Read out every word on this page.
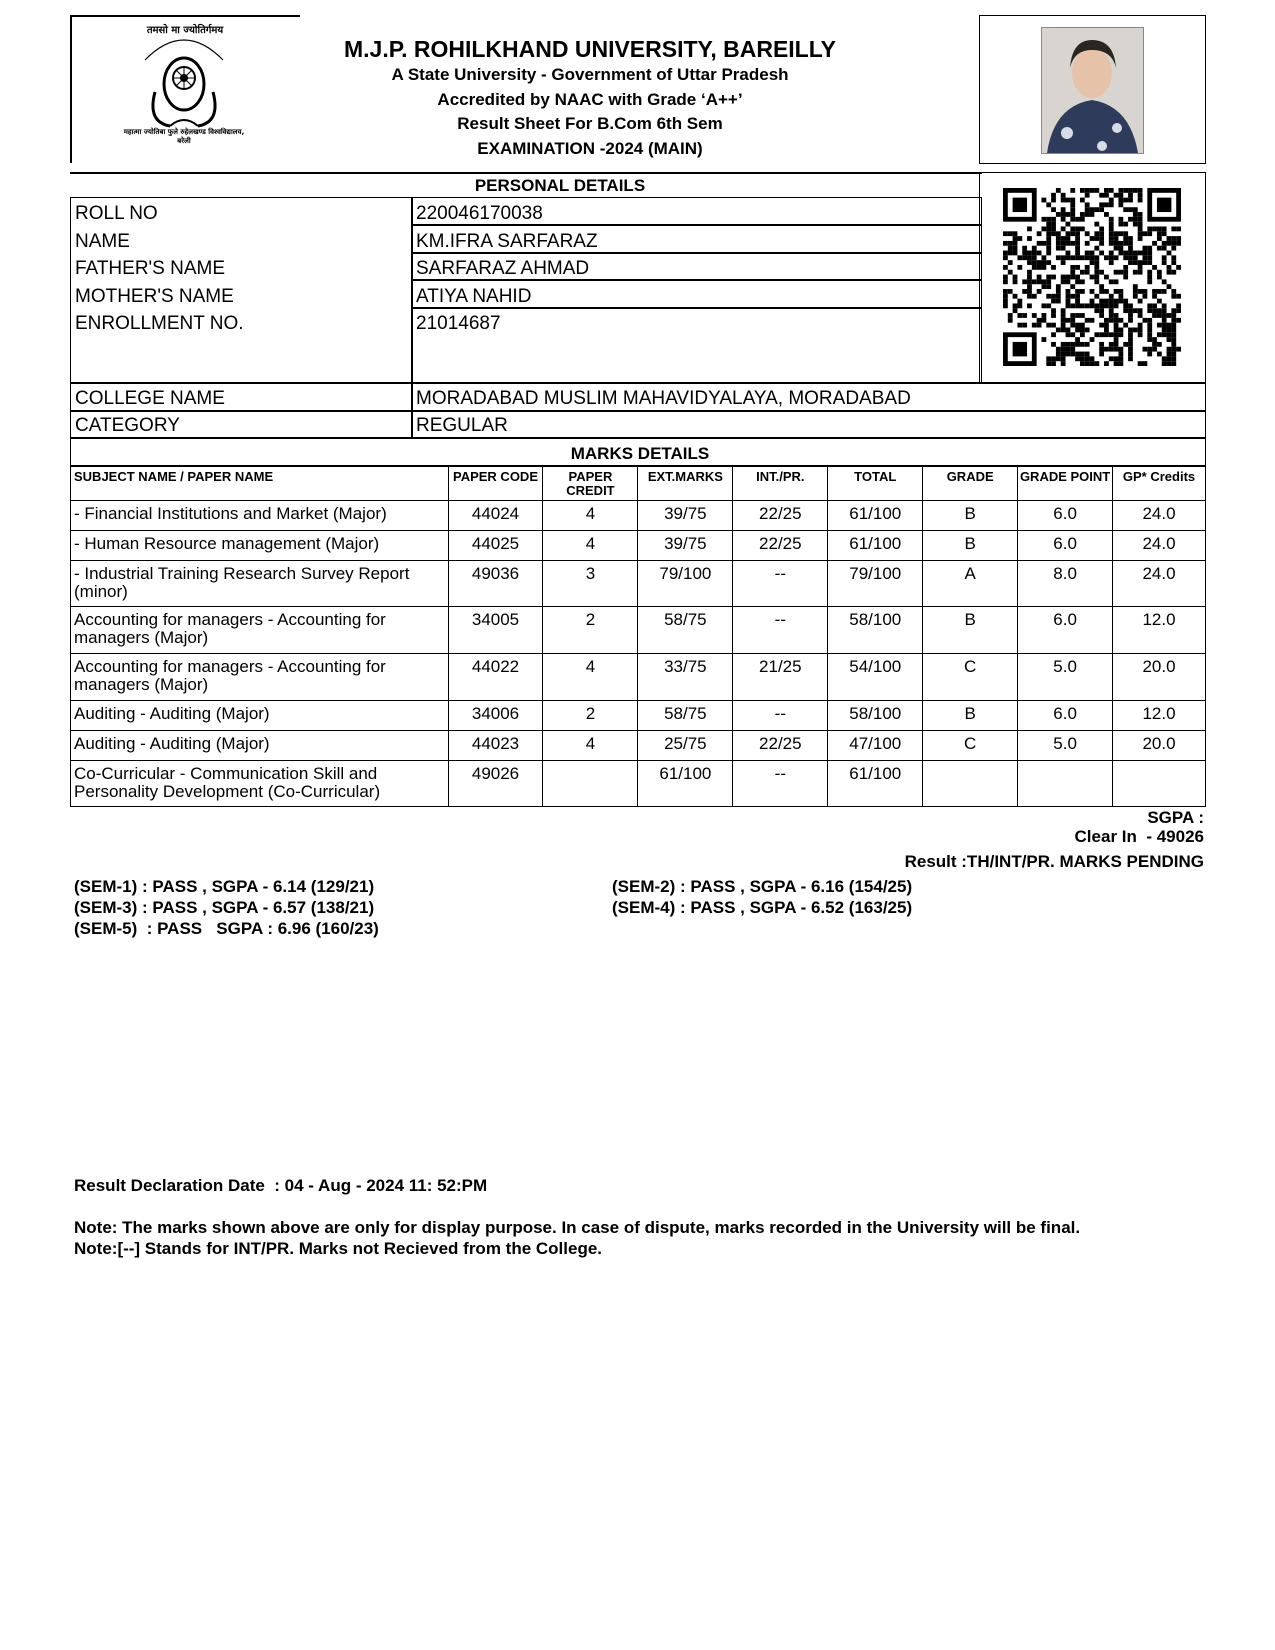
तमसो मा ज्योतिर्गमय
महात्मा ज्योतिबा फुले रुहेलखण्ड विश्वविद्यालय, बरेली
M.J.P. ROHILKHAND UNIVERSITY, BAREILLY
A State University - Government of Uttar Pradesh
Accredited by NAAC with Grade ‘A++’
Result Sheet For B.Com 6th Sem
EXAMINATION -2024 (MAIN)
PERSONAL DETAILS
ROLL NO	220046170038
NAME	KM.IFRA SARFARAZ
FATHER'S NAME	SARFARAZ AHMAD
MOTHER'S NAME	ATIYA NAHID
ENROLLMENT NO.	21014687
COLLEGE NAME	MORADABAD MUSLIM MAHAVIDYALAYA, MORADABAD
CATEGORY	REGULAR
MARKS DETAILS
SUBJECT NAME / PAPER NAME	PAPER CODE	PAPER CREDIT	EXT.MARKS	INT./PR.	TOTAL	GRADE	GRADE POINT	GP* Credits
- Financial Institutions and Market (Major)	44024	4	39/75	22/25	61/100	B	6.0	24.0
- Human Resource management (Major)	44025	4	39/75	22/25	61/100	B	6.0	24.0
- Industrial Training Research Survey Report (minor)	49036	3	79/100	--	79/100	A	8.0	24.0
Accounting for managers - Accounting for managers (Major)	34005	2	58/75	--	58/100	B	6.0	12.0
Accounting for managers - Accounting for managers (Major)	44022	4	33/75	21/25	54/100	C	5.0	20.0
Auditing - Auditing (Major)	34006	2	58/75	--	58/100	B	6.0	12.0
Auditing - Auditing (Major)	44023	4	25/75	22/25	47/100	C	5.0	20.0
Co-Curricular - Communication Skill and Personality Development (Co-Curricular)	49026		61/100	--	61/100			
SGPA :
Clear In  - 49026
Result :TH/INT/PR. MARKS PENDING
(SEM-1) : PASS , SGPA - 6.14 (129/21)	(SEM-2) : PASS , SGPA - 6.16 (154/25)
(SEM-3) : PASS , SGPA - 6.57 (138/21)	(SEM-4) : PASS , SGPA - 6.52 (163/25)
(SEM-5)  : PASS   SGPA : 6.96 (160/23)
Result Declaration Date  : 04 - Aug - 2024 11: 52:PM
Note: The marks shown above are only for display purpose. In case of dispute, marks recorded in the University will be final.
Note:[--] Stands for INT/PR. Marks not Recieved from the College.
